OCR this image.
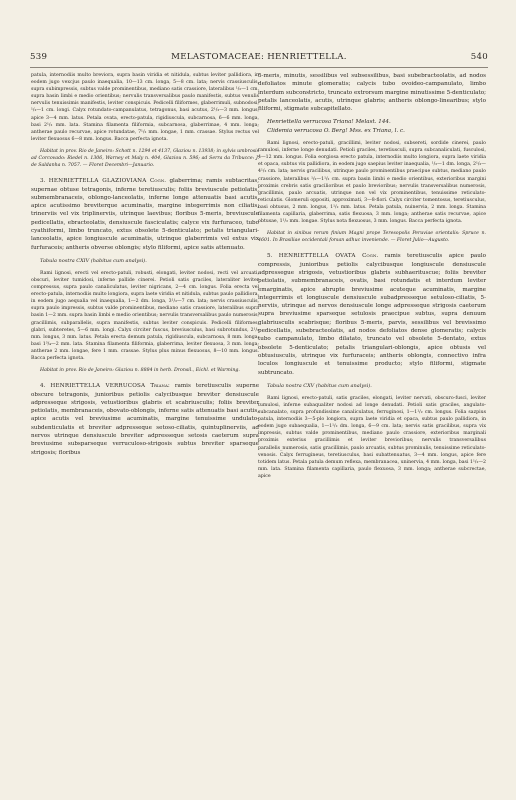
539	MELASTOMACEAE: HENRIETTELLA.	540

patula, internodiis multo breviora, supra basin viridia et nitidula, subtus leviter pallidiora, in eodem jugo vexcjus paulo inaequalia, 10—13 cm. longa, 5—8 cm. lata; nervis crassiusculis, supra subimpressis, subtus valde prominentibus, mediano satis crassiore, lateralibus ¹/₂—1 cm. supra basin limbi e medio orientibus; nervulis transversalibus paulo manifestis, subtus venulis nervulis tenuissimis manifestis, leviter conspicuis. Pedicelli filiformes, glaberrimuli, subnodosi, ¹/₂—1 cm. longi. Calyx rotundato-campanulatus, tetragonus, basi acutus, 2¹/₂—3 mm. longus, apice 3—4 mm. latus. Petala ovata, erecto-patula, rigidiuscula, subcarnosa, 6—6 mm. longa, basi 2¹/₂ mm. lata. Stamina filamenta filiformia, subcarnosa, glaberrimae, 4 mm. longa; antherae paulo recurvae, apice rotundatae, 7¹/₂ mm. longae, 1 mm. crassae. Stylus rectus vel leviter flexuosus 6—8 mm. longus. Bacca perfecta ignota.

Habitat in prov. Rio de Janeiro: Schott n. 1294 et 4137, Glaziou n. 13938; in sylvis umbrosis ad Corcovado: Riedel n. 1306, Warney et Maly n. 404, Glaziou n. 596; ad Serra da Tribucce: J. de Saldanha n. 7057. — Floret Decembri—Januario.

3. HENRIETTELLA GLAZIOVIANA Cogn. glaberrima; ramis subtacritas, supernae obtuse tetragonis, inferne teretiusculis; foliis breviuscule petiolatis, submembranaceis, oblongo-lanceolatis, inferne longe attenuatis basi acutis, apice acutissimo breviterque acuminatis, margine integerrimis non ciliatis, trinerviis vel vix triplinerviis, utrinque laevibus; floribus 5-meris, breviuscule pedicellatis, ebracteolatis, densiuscule fasciculatis; calyce vix furfuraceo, tubo cyathiformi, limbo truncato, extus obsolete 5-denticulato; petalis triangulari-lanceolatis, apice longiuscule acuminatis, utrinque glaberrimis vel extus vix furfuraceis; antheris obverse oblongis; stylo filiformi, apice satis attenuato.

Tabula nostra CXIV (habitus cum analysi).

Rami lignosi, erecti vel erecto-patuli, robusti, elongati, leviter nodosi, recti vel arcuati, obscuri, leviter tumidosi, inferne pallide cinerei. Petioli satis graciles, lateraliter leviter compressus, supra paulo canaliculatus, leviter nigricans, 2—4 cm. longus. Folia erecta vel erecto-patula, internodiis multo longiora, supra laete viridia et nitidula, subtus paulo pallidiora, in eodem jugo aequalia vel inaequalia, 1—2 dm. longa, 3¹/₂—7 cm. lata; nervis crassiusculis, supra paulo impressis, subtus valde prominentibus, mediano satis crassiore, lateralibus supra basin 1—2 mm. supra basin limbi e medio orientibus; nervulis transversalibus paulo numerosis, gracillimis, subparallelis, supra manifestis, subtus leviter conspicuis. Pedicelli filiformes, glabri, subteretes, 5—6 mm. longi. Calyx circiter fuscus, breviusculus, basi subrotundus, 2¹/₂ mm. longus, 3 mm. latus. Petala erecta demum patula, rigidiuscula, subcarnosa, 8 mm. longa, basi 1³/₄—2 mm. lata. Stamina filamenta filiformia, glaberrima, leviter flexuosa, 3 mm. longa; antherae 2 mm. longae, fere 1 mm. crassae. Stylus plus minus flexuosus, 8—10 mm. longus. Bacca perfecta ignota.

Habitat in prov. Rio de Janeiro: Glaziou n. 8884 in herb. Dronsil., Eichl. et Warming.

4. HENRIETTELLA VERRUCOSA Triana: ramis teretiusculis superne obscure tetragonis, junioribus petiolis calycibusque breviter densiuscule adpresseque strigosis, vetustioribus glabris et scabriusculis; foliis breviter petiolatis, membranaceis, obovato-oblongis, inferne satis attenuatis basi acutis, apice acutis vel breviusime acuminatis, margine tenuissime undulato-subdenticulatis et breviter adpresseque setoso-ciliatis, quintuplinerviis, ad nervos utrinque densiuscule breviter adpresseque setosis caeterum supra breviusime subsparseque verruculoso-strigosis subtus breviter sparseque strigosis; floribus

5-meris, minutis, sessilibus vel subsessilibus, basi subebracteolatis, ad nodos defoliatos minute glomeratis; calycis tubo ovoideo-campanulato, limbo interdum subconstricto, truncato extrorsum margine minutissime 5-denticulato; petalis lanceolatis, acutis, utrinque glabris; antheris oblongo-linearibus; stylo filiformi, stigmate subcapitellato.

Henriettella verrucosa Triana! Melast. 144.

Clidemia verrucosa O. Berg! Mss. ex Triana, l. c.

Rami lignosi, erecto-patuli, gracillimi, leviter nodosi, subsereti, sordide cinerei, paulo ramulosi, inferne longe denudati. Petioli graciles, teretiusculi, supra subcanaliculati, fusculosi, 4—12 mm. longus. Folia eorgiosa erecto patula, internodiis multo longiora, supra laete viridia et opaca, subtus vix pallidiora, in eodem jugo saepius leviter inaequalia, ¹/₂—1 dm. longa, 2¹/₂—4¹/₂ cm. lata; nervis gracilibus, utrinque paulo prominentibus praecipue subtus, mediano paulo crassiore, lateralibus ¹/₂—1¹/₂ cm. supra basin limbi e medio orientibus, exterioribus margini proximis crebris satis gracilioribus et paulo brevioribus; nervulis transversalibus numerosis, gracillimis, paulo arcuatis, utrinque non vel vix prominentibus, tenuissime reticulato-reticulatis. Glomeruli oppositi, approximati, 3—8-flori. Calyx circiter tomentosus, teretiusculus, basi obtusus, 2 mm. longus, 1¹/₂ mm. latus. Petala patula, nuinervia, 2 mm. longa. Stamina filamenta capillaria, glaberrima, satis flexuosa, 3 mm. longa; antherae satis recurvae, apice obtusae, 1¹/₂ mm. longae. Stylus nota flexuosus, 3 mm. longus. Bacca perfecta ignota.

Habitat in sinibus rerum finium Magni prope Teresopolis Peruviae orientalis: Spruce n. 4601. In Brasiliae occidentali forsan adhuc inveniende. — Floret Julio—Augusto.

5. HENRIETTELLA OVATA Cogn. ramis teretiusculis apice paulo compressis, junioribus petiolis calycibusque longiuscule densiuscule adpressegue strigosis, vetustioribus glabris subhaerituscue; foliis breviter petiolatis, submembranaceis, ovatis, basi rotundatis et interdum leviter emarginatis, apice abrupte breviusime acuteque acuminatis, margine integerrimis et longiuscule densiuscule subadpresseque setuloso-ciliatis, 5-nerviis, utrinque ad nervos densiuscule longe adpresseque strigosis caeterum supra breviusime sparseque setulosis praecipue subtus, supra denuum glabriusculis scabrisque; floribus 5-meris, parvis, sessilibus vel brevissimo pedicellatis, subebracteolatis, ad nodos defoliatos dense glomeratis; calycis tubo campanulato, limbo dilatato, truncato vel obsolete 5-dentato, extus obsolete 5-denticulato; petalis triangulari-oblongis, apice obtusis vel obtusiusculis, utrinque vix furfuraceis; antheris oblongis, connectivo infra loculos longiuscule et tenuissime producto; stylo filiformi, stigmate subtruncato.

Tabula nostra CXV (habitus cum analysi).

Rami lignosi, erecto-patuli, satis graciles, elongati, leviter nervati, obscuro-fusci, leviter tumulosi, inferne subaqualiter nodosi ad longe denudati. Petioli satis graciles, angulato-subcanalato, supra profundissime canaliculatus, ferruginosi, 1—1¹/₂ cm. longus. Folia sazpius patula, internodiis 3—5-plo longiora, supra laete viridia et opaca, subtus paulo pallidiora, in eodem jugo subaequalia, 1—1¹/₂ dm. longa, 6—9 cm. lata; nervis satis gracilibus, supra vix impressis, subtus valde prominentibus, mediano paulo crassiore, exterioribus marginali proximis exterius gracillimis et leviter brevioribus; nervulis transversalibus parallelis_numerosis, satis gracillimis, paulo arcuatis, subtus prominulis, tenuissime reticulato-venosis. Calyx ferrugineus, teretiusculus, basi subattenuatus, 3—4 mm. longus, apice fere totidem latus. Petala patula demum reflexa, membranacea, uninervia, 4 mm. longa, basi 1¹/₂—2 mm. lata. Stamina filamenta capillaria, paulo flexuosa, 3 mm. longa; antherae subcrectae, apice
